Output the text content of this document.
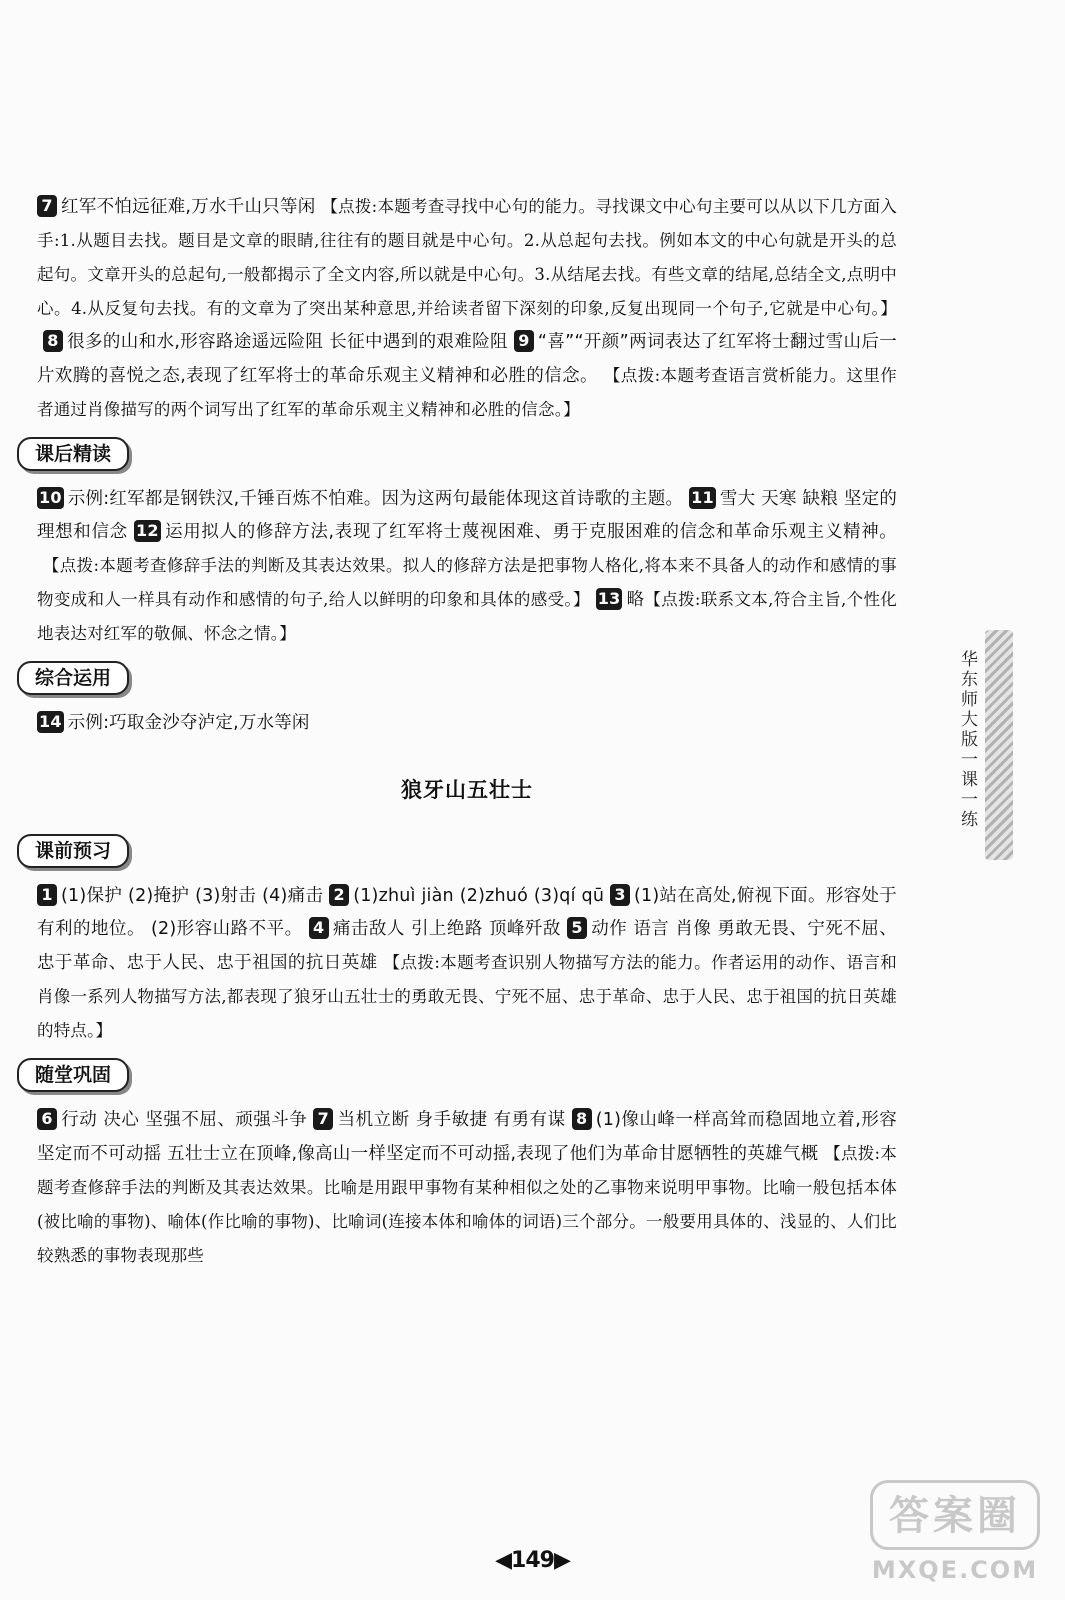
7 红军不怕远征难,万水千山只等闲 【点拨:本题考查寻找中心句的能力。寻找课文中心句主要可以从以下几方面入手:1.从题目去找。题目是文章的眼睛,往往有的题目就是中心句。2.从总起句去找。例如本文的中心句就是开头的总起句。文章开头的总起句,一般都揭示了全文内容,所以就是中心句。3.从结尾去找。有些文章的结尾,总结全文,点明中心。4.从反复句去找。有的文章为了突出某种意思,并给读者留下深刻的印象,反复出现同一个句子,它就是中心句。】 8 很多的山和水,形容路途遥远险阻 长征中遇到的艰难险阻 9 “喜”“开颜”两词表达了红军将士翻过雪山后一片欢腾的喜悦之态,表现了红军将士的革命乐观主义精神和必胜的信念。 【点拨:本题考查语言赏析能力。这里作者通过肖像描写的两个词写出了红军的革命乐观主义精神和必胜的信念。】

课后精读

10 示例:红军都是钢铁汉,千锤百炼不怕难。因为这两句最能体现这首诗歌的主题。 11 雪大 天寒 缺粮 坚定的理想和信念 12 运用拟人的修辞方法,表现了红军将士蔑视困难、勇于克服困难的信念和革命乐观主义精神。 【点拨:本题考查修辞手法的判断及其表达效果。拟人的修辞方法是把事物人格化,将本来不具备人的动作和感情的事物变成和人一样具有动作和感情的句子,给人以鲜明的印象和具体的感受。】 13 略【点拨:联系文本,符合主旨,个性化地表达对红军的敬佩、怀念之情。】

综合运用

14 示例:巧取金沙夺泸定,万水等闲

狼牙山五壮士
课前预习

1 (1)保护 (2)掩护 (3)射击 (4)痛击 2 (1)zhuì jiàn (2)zhuó (3)qí qū 3 (1)站在高处,俯视下面。形容处于有利的地位。 (2)形容山路不平。 4 痛击敌人 引上绝路 顶峰歼敌 5 动作 语言 肖像 勇敢无畏、宁死不屈、忠于革命、忠于人民、忠于祖国的抗日英雄 【点拨:本题考查识别人物描写方法的能力。作者运用的动作、语言和肖像一系列人物描写方法,都表现了狼牙山五壮士的勇敢无畏、宁死不屈、忠于革命、忠于人民、忠于祖国的抗日英雄的特点。】

随堂巩固

6 行动 决心 坚强不屈、顽强斗争 7 当机立断 身手敏捷 有勇有谋 8 (1)像山峰一样高耸而稳固地立着,形容坚定而不可动摇 五壮士立在顶峰,像高山一样坚定而不可动摇,表现了他们为革命甘愿牺牲的英雄气概 【点拨:本题考查修辞手法的判断及其表达效果。比喻是用跟甲事物有某种相似之处的乙事物来说明甲事物。比喻一般包括本体(被比喻的事物)、喻体(作比喻的事物)、比喻词(连接本体和喻体的词语)三个部分。一般要用具体的、浅显的、人们比较熟悉的事物表现那些

华东师大版一课一练
◀149▶
答案圈
MXQE.COM
